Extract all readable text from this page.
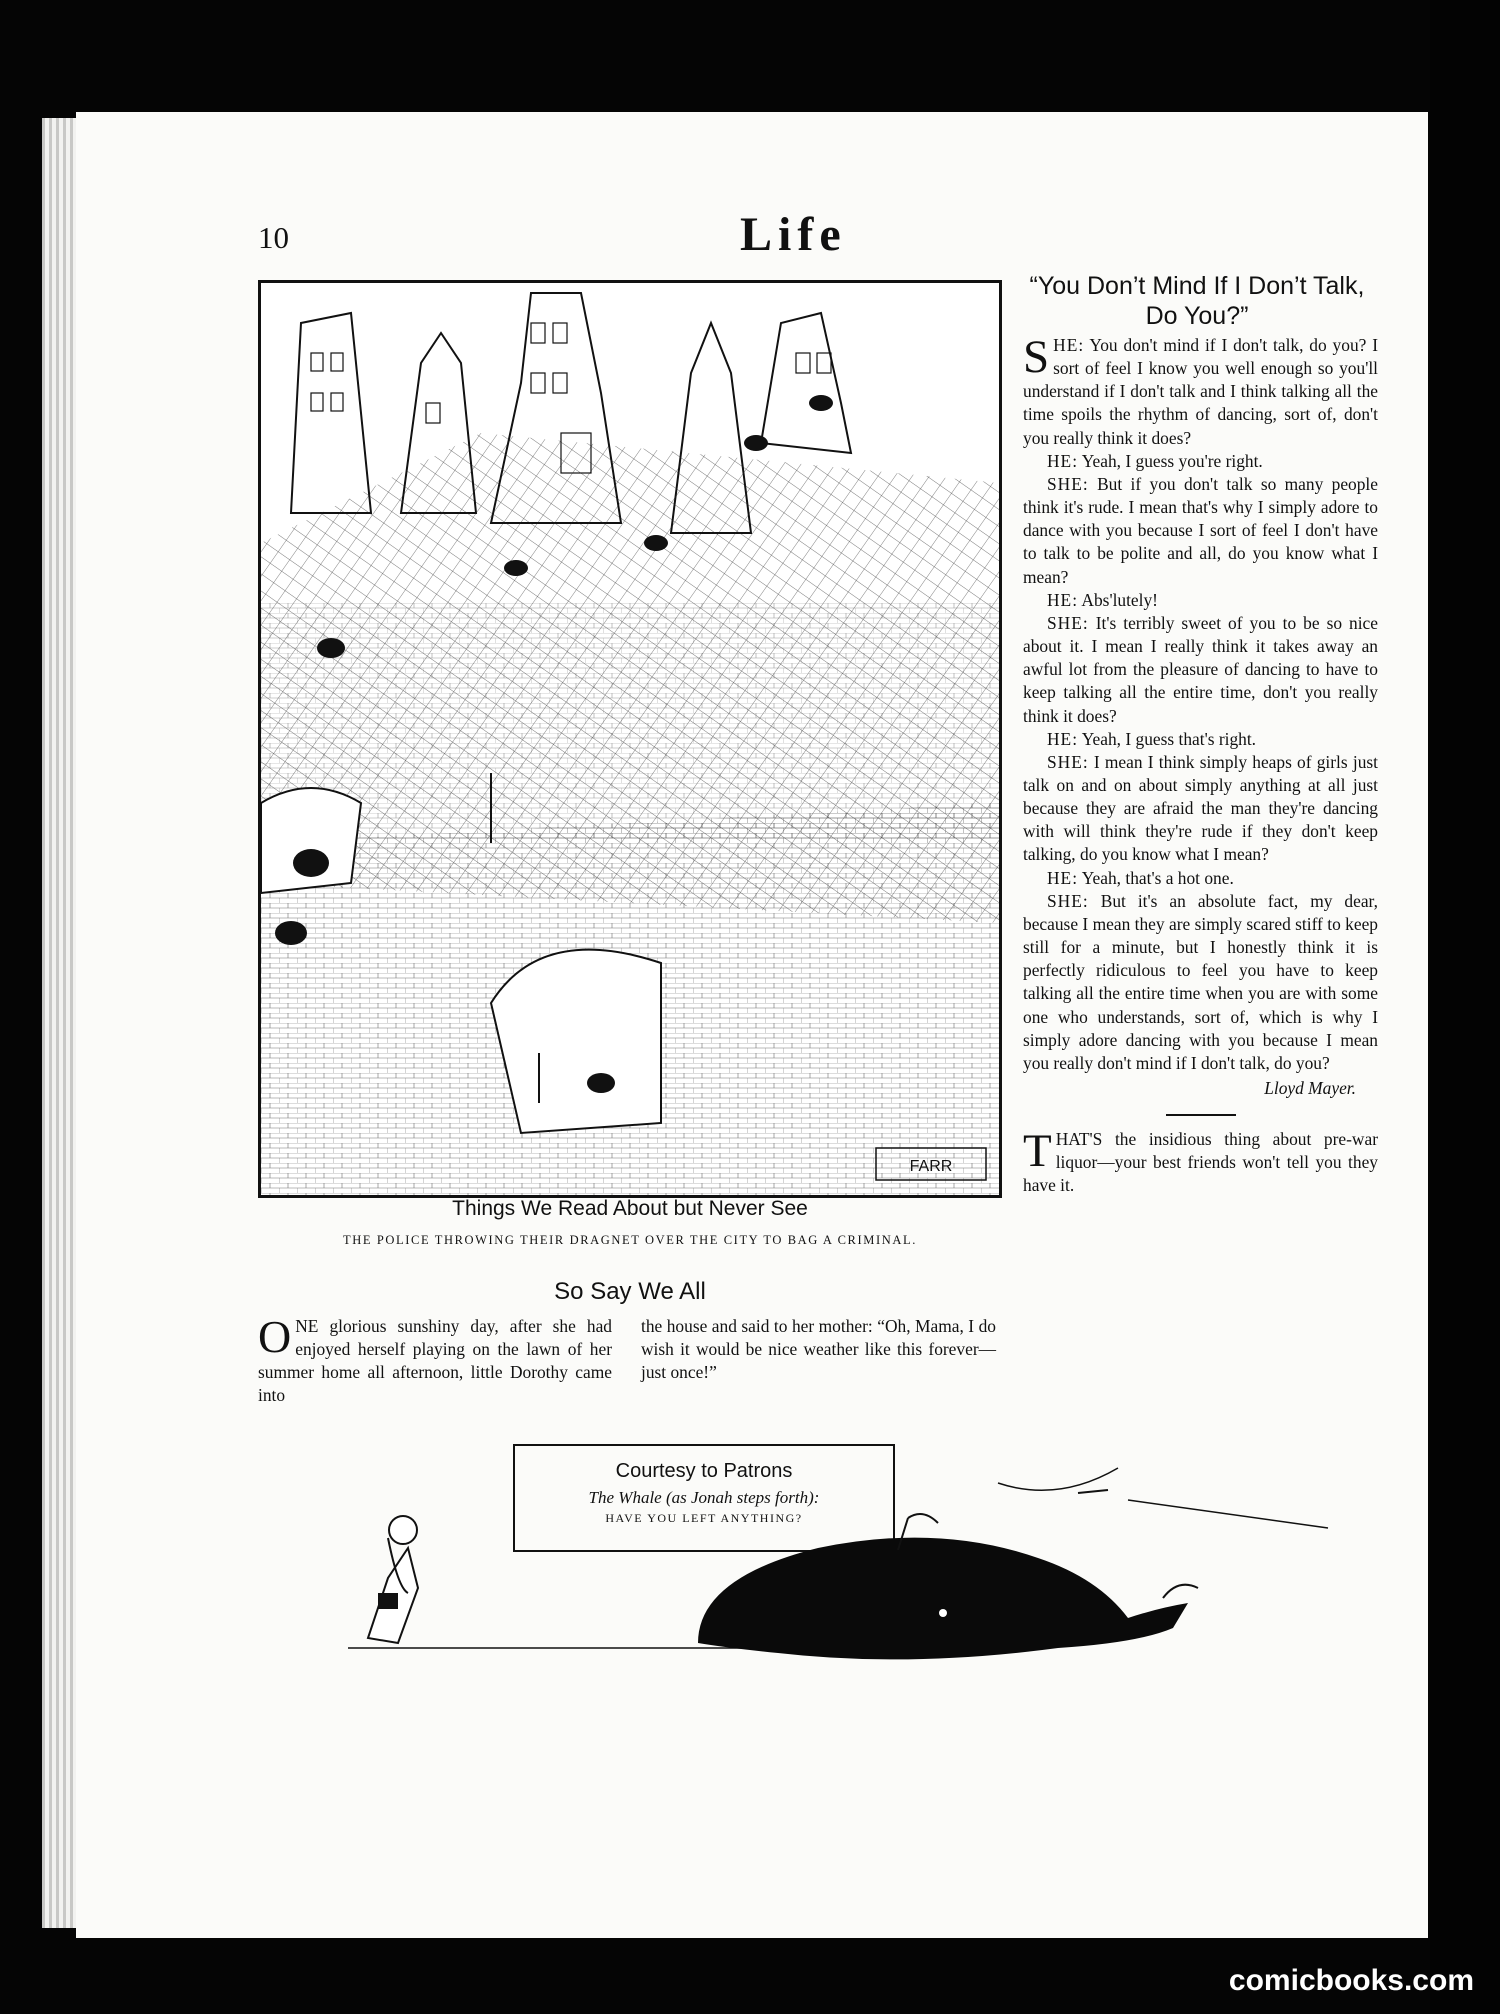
10	Life
FARR
Things We Read About but Never See
THE POLICE THROWING THEIR DRAGNET OVER THE CITY TO BAG A CRIMINAL.
“You Don’t Mind If I Don’t Talk, Do You?”

SHE: You don't mind if I don't talk, do you? I sort of feel I know you well enough so you'll understand if I don't talk and I think talking all the time spoils the rhythm of dancing, sort of, don't you really think it does?

HE: Yeah, I guess you're right.

SHE: But if you don't talk so many people think it's rude. I mean that's why I simply adore to dance with you because I sort of feel I don't have to talk to be polite and all, do you know what I mean?

HE: Abs'lutely!

SHE: It's terribly sweet of you to be so nice about it. I mean I really think it takes away an awful lot from the pleasure of dancing to have to keep talking all the entire time, don't you really think it does?

HE: Yeah, I guess that's right.

SHE: I mean I think simply heaps of girls just talk on and on about simply anything at all just because they are afraid the man they're dancing with will think they're rude if they don't keep talking, do you know what I mean?

HE: Yeah, that's a hot one.

SHE: But it's an absolute fact, my dear, because I mean they are simply scared stiff to keep still for a minute, but I honestly think it is perfectly ridiculous to feel you have to keep talking all the entire time when you are with some one who understands, sort of, which is why I simply adore dancing with you because I mean you really don't mind if I don't talk, do you?

Lloyd Mayer.

THAT'S the insidious thing about pre-war liquor—your best friends won't tell you they have it.

So Say We All
ONE glorious sunshiny day, after she had enjoyed herself playing on the lawn of her summer home all afternoon, little Dorothy came into
the house and said to her mother: “Oh, Mama, I do wish it would be nice weather like this forever—just once!”
Courtesy to Patrons
The Whale (as Jonah steps forth):
HAVE YOU LEFT ANYTHING?
comicbooks.com
